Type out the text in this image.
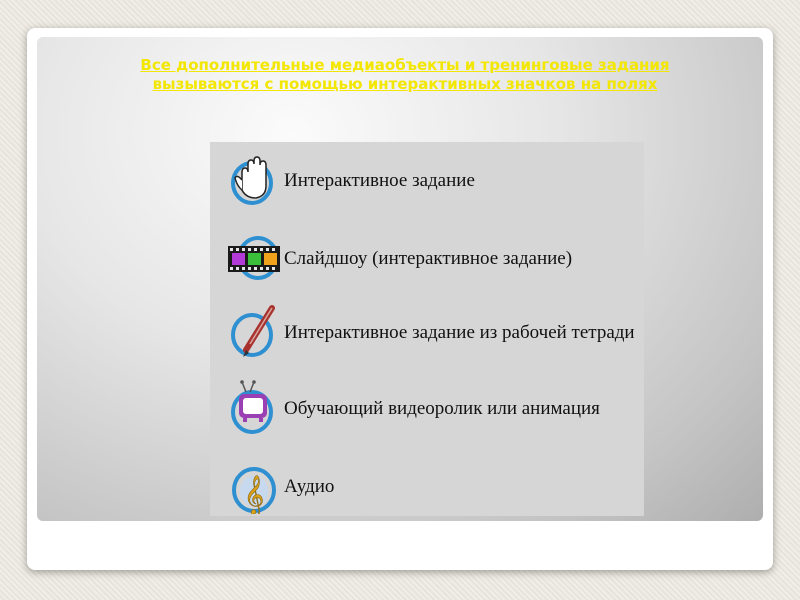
Все дополнительные медиаобъекты и тренинговые задания вызываются с помощью интерактивных значков на полях

Интерактивное задание
Слайдшоу (интерактивное задание)
Интерактивное задание из рабочей тетради
Обучающий видеоролик или анимация
𝄞 Аудио
